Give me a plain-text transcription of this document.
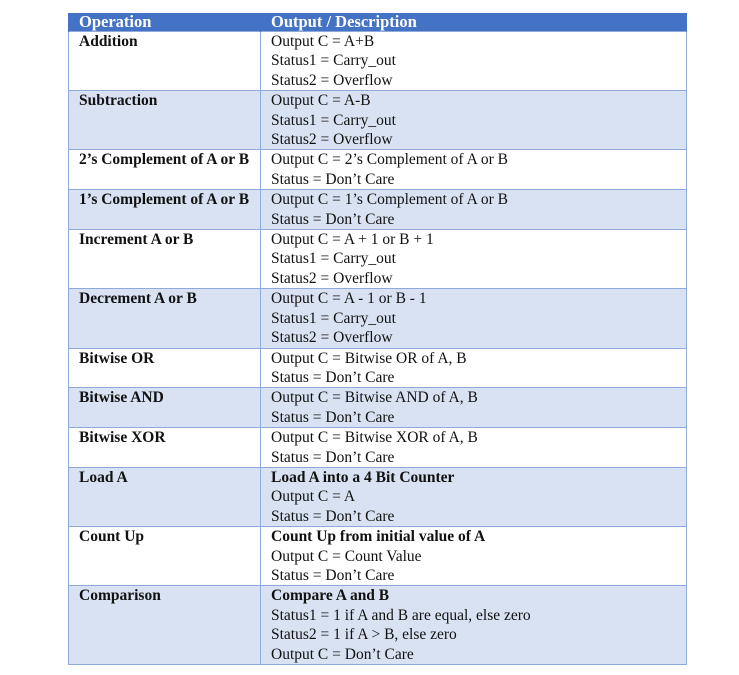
Operation	Output / Description
Addition	Output C = A+B
Status1 = Carry_out
Status2 = Overflow

Subtraction	Output C = A-B
Status1 = Carry_out
Status2 = Overflow

2’s Complement of A or B	Output C = 2’s Complement of A or B
Status = Don’t Care

1’s Complement of A or B	Output C = 1’s Complement of A or B
Status = Don’t Care

Increment A or B	Output C = A + 1 or B + 1
Status1 = Carry_out
Status2 = Overflow

Decrement A or B	Output C = A - 1 or B - 1
Status1 = Carry_out
Status2 = Overflow

Bitwise OR	Output C = Bitwise OR of A, B
Status = Don’t Care

Bitwise AND	Output C = Bitwise AND of A, B
Status = Don’t Care

Bitwise XOR	Output C = Bitwise XOR of A, B
Status = Don’t Care

Load A	Load A into a 4 Bit Counter
Output C = A
Status = Don’t Care

Count Up	Count Up from initial value of A
Output C = Count Value
Status = Don’t Care

Comparison	Compare A and B
Status1 = 1 if A and B are equal, else zero
Status2 = 1 if A > B, else zero
Output C = Don’t Care
